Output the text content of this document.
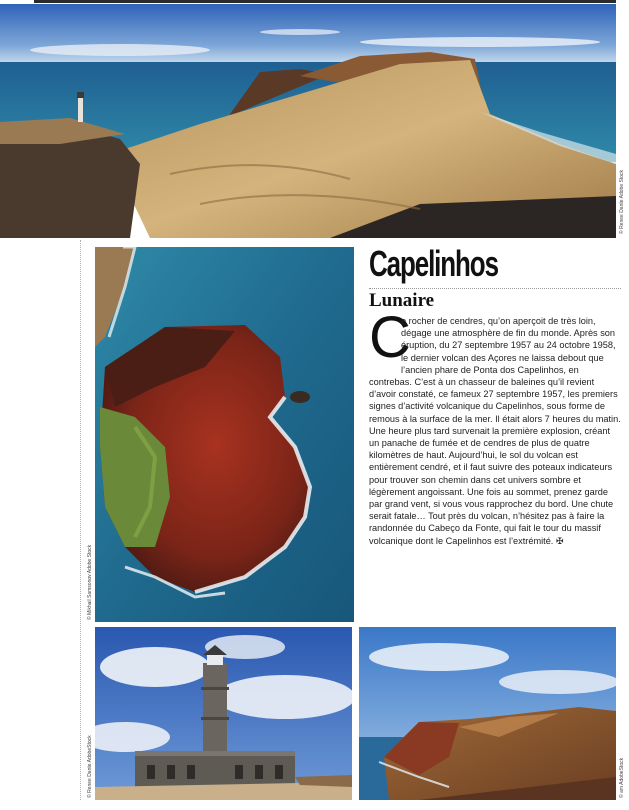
© Renee Dante Adobe Stock
© Mikhail Samsonov Adobe Stock
Capelinhos
Lunaire
C
e rocher de cendres, qu’on aperçoit de très loin, dégage une atmosphère de fin du monde. Après son éruption, du 27 septembre 1957 au 24 octobre 1958, le dernier volcan des Açores ne laissa debout que l’ancien phare de Ponta dos Capelinhos, en contrebas. C’est à un chasseur de baleines qu’il revient d’avoir constaté, ce fameux 27 septembre 1957, les premiers signes d’activité volcanique du Capelinhos, sous forme de remous à la surface de la mer. Il était alors 7 heures du matin. Une heure plus tard survenait la première explosion, créant un panache de fumée et de cendres de plus de quatre kilomètres de haut. Aujourd’hui, le sol du volcan est entièrement cendré, et il faut suivre des poteaux indicateurs pour trouver son chemin dans cet univers sombre et légèrement angoissant. Une fois au sommet, prenez garde par grand vent, si vous vous rapprochez du bord. Une chute serait fatale… Tout près du volcan, n’hésitez pas à faire la randonnée du Cabeço da Fonte, qui fait le tour du massif volcanique dont le Capelinhos est l’extrémité. ✠
© Renee Dante AdobeStock	© am AdobeStock
